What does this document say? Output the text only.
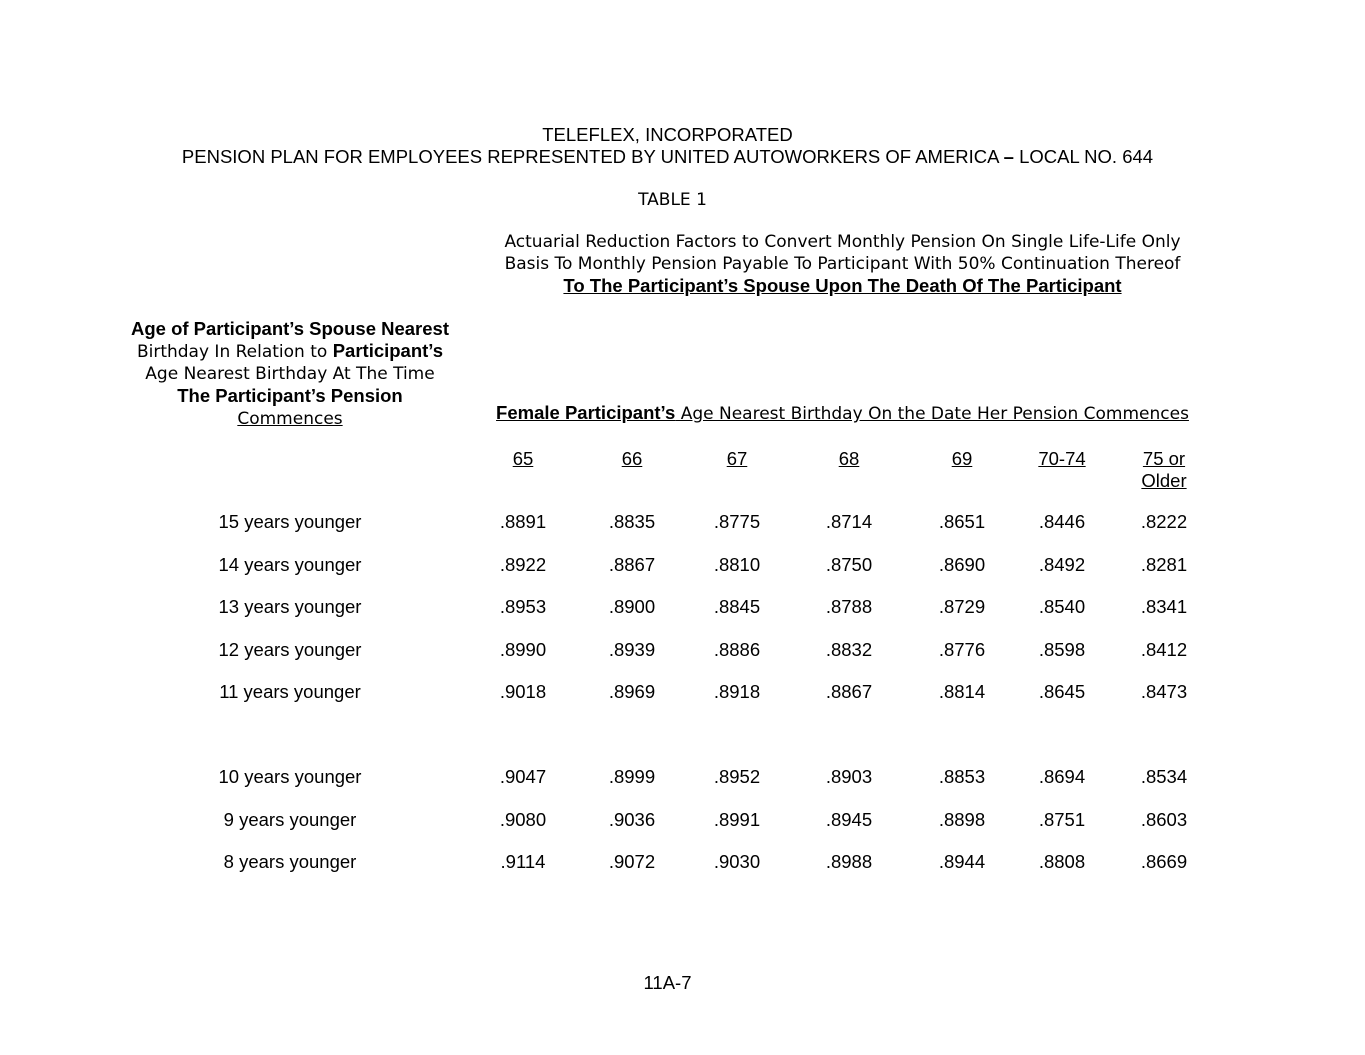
TELEFLEX, INCORPORATED
PENSION PLAN FOR EMPLOYEES REPRESENTED BY UNITED AUTOWORKERS OF AMERICA – LOCAL NO. 644
TABLE 1
Actuarial Reduction Factors to Convert Monthly Pension On Single Life-Life Only
Basis To Monthly Pension Payable To Participant With 50% Continuation Thereof
To The Participant’s Spouse Upon The Death Of The Participant
Age of Participant’s Spouse Nearest
Birthday In Relation to Participant’s
Age Nearest Birthday At The Time
The Participant’s Pension
Commences	Female Participant’s Age Nearest Birthday On the Date Her Pension Commences
65	66	67	68	69	70-74	75 or
Older
15 years younger	.8891	.8835	.8775	.8714	.8651	.8446	.8222
14 years younger	.8922	.8867	.8810	.8750	.8690	.8492	.8281
13 years younger	.8953	.8900	.8845	.8788	.8729	.8540	.8341
12 years younger	.8990	.8939	.8886	.8832	.8776	.8598	.8412
11 years younger	.9018	.8969	.8918	.8867	.8814	.8645	.8473
10 years younger	.9047	.8999	.8952	.8903	.8853	.8694	.8534
9 years younger	.9080	.9036	.8991	.8945	.8898	.8751	.8603
8 years younger	.9114	.9072	.9030	.8988	.8944	.8808	.8669
11A-7
